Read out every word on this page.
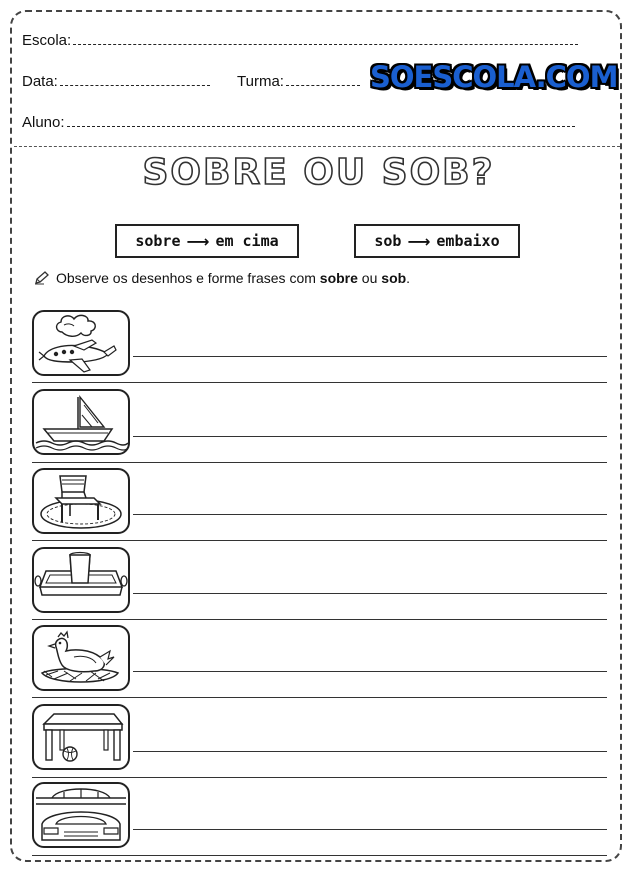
Escola:
Data:	Turma:
Aluno:
SOESCOLA.COM
SOBRE OU SOB?
sobre ⟶ em cima	sob ⟶ embaixo
Observe os desenhos e forme frases com sobre ou sob.
